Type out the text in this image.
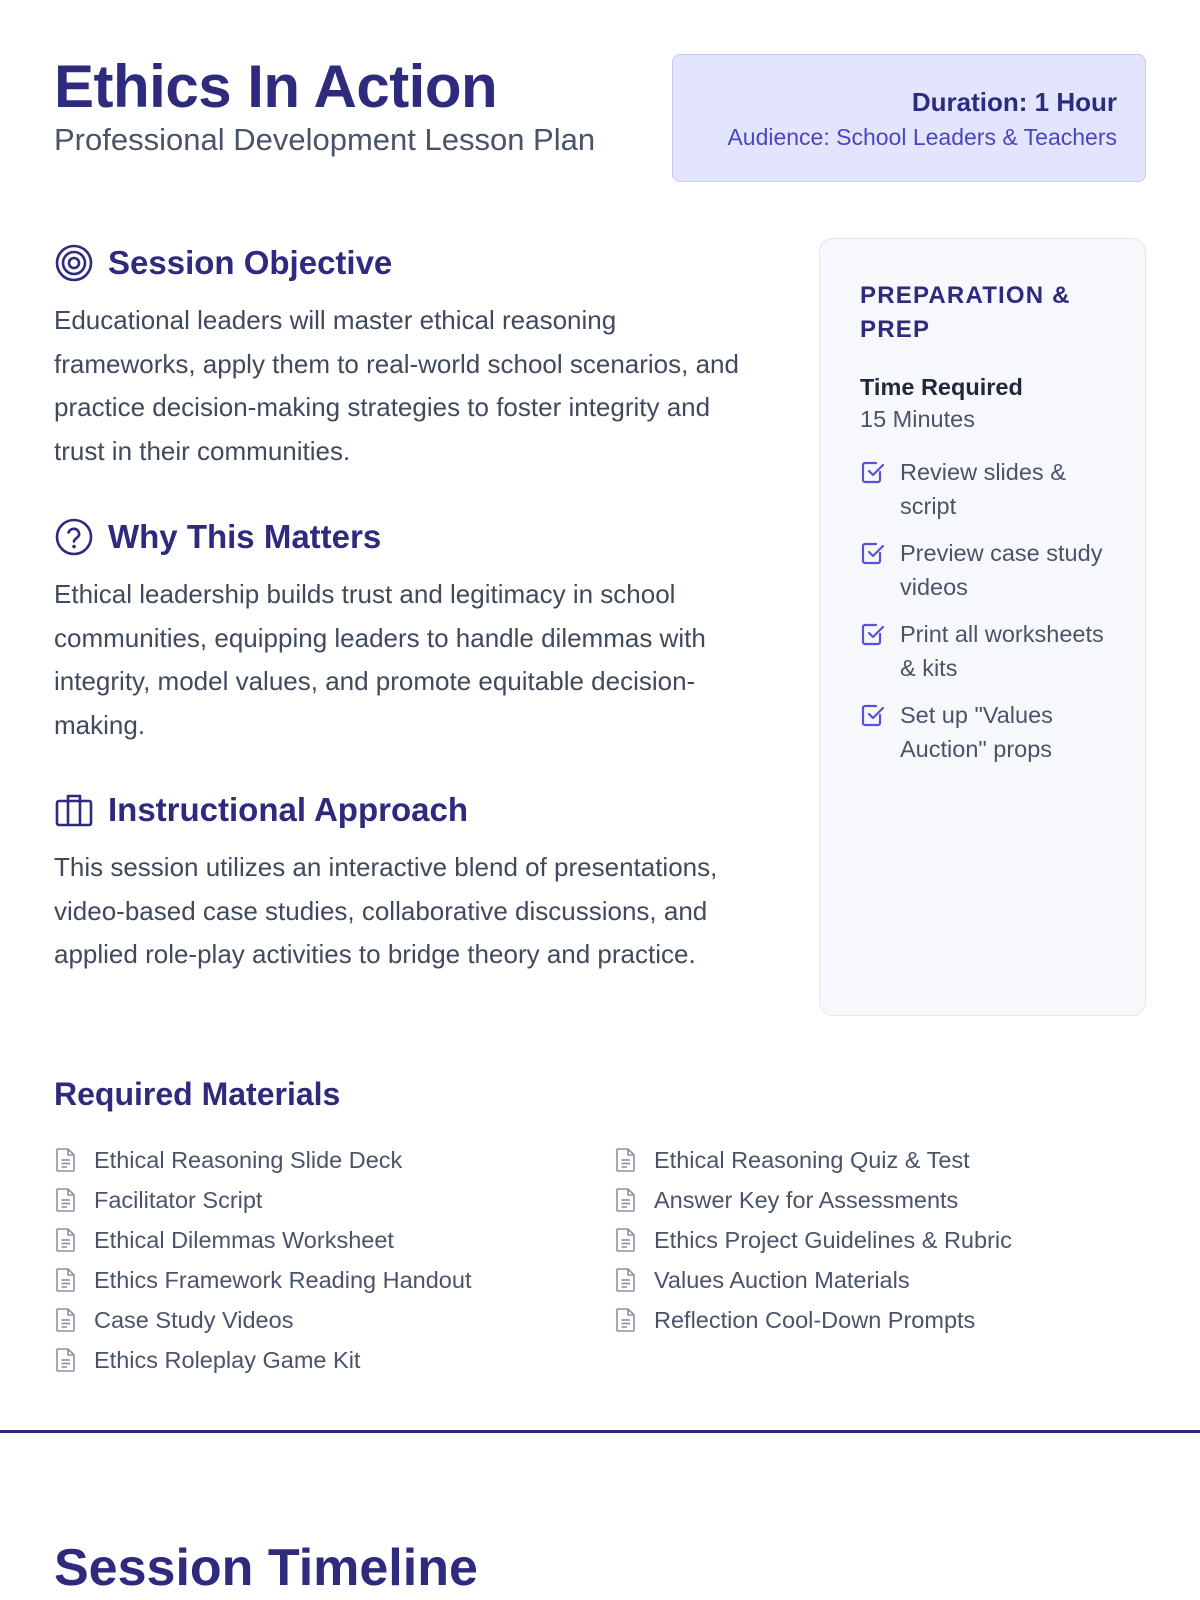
Ethics In Action
Professional Development Lesson Plan
Duration: 1 Hour
Audience: School Leaders & Teachers
Session Objective

Educational leaders will master ethical reasoning frameworks, apply them to real-world school scenarios, and practice decision-making strategies to foster integrity and trust in their communities.

Why This Matters

Ethical leadership builds trust and legitimacy in school communities, equipping leaders to handle dilemmas with integrity, model values, and promote equitable decision-making.

Instructional Approach

This session utilizes an interactive blend of presentations, video-based case studies, collaborative discussions, and applied role-play activities to bridge theory and practice.

PREPARATION & PREP
Time Required
15 Minutes
Review slides & script
Preview case study videos
Print all worksheets & kits
Set up "Values Auction" props
Required Materials
Ethical Reasoning Slide Deck
Facilitator Script
Ethical Dilemmas Worksheet
Ethics Framework Reading Handout
Case Study Videos
Ethics Roleplay Game Kit
Ethical Reasoning Quiz & Test
Answer Key for Assessments
Ethics Project Guidelines & Rubric
Values Auction Materials
Reflection Cool-Down Prompts
Session Timeline
